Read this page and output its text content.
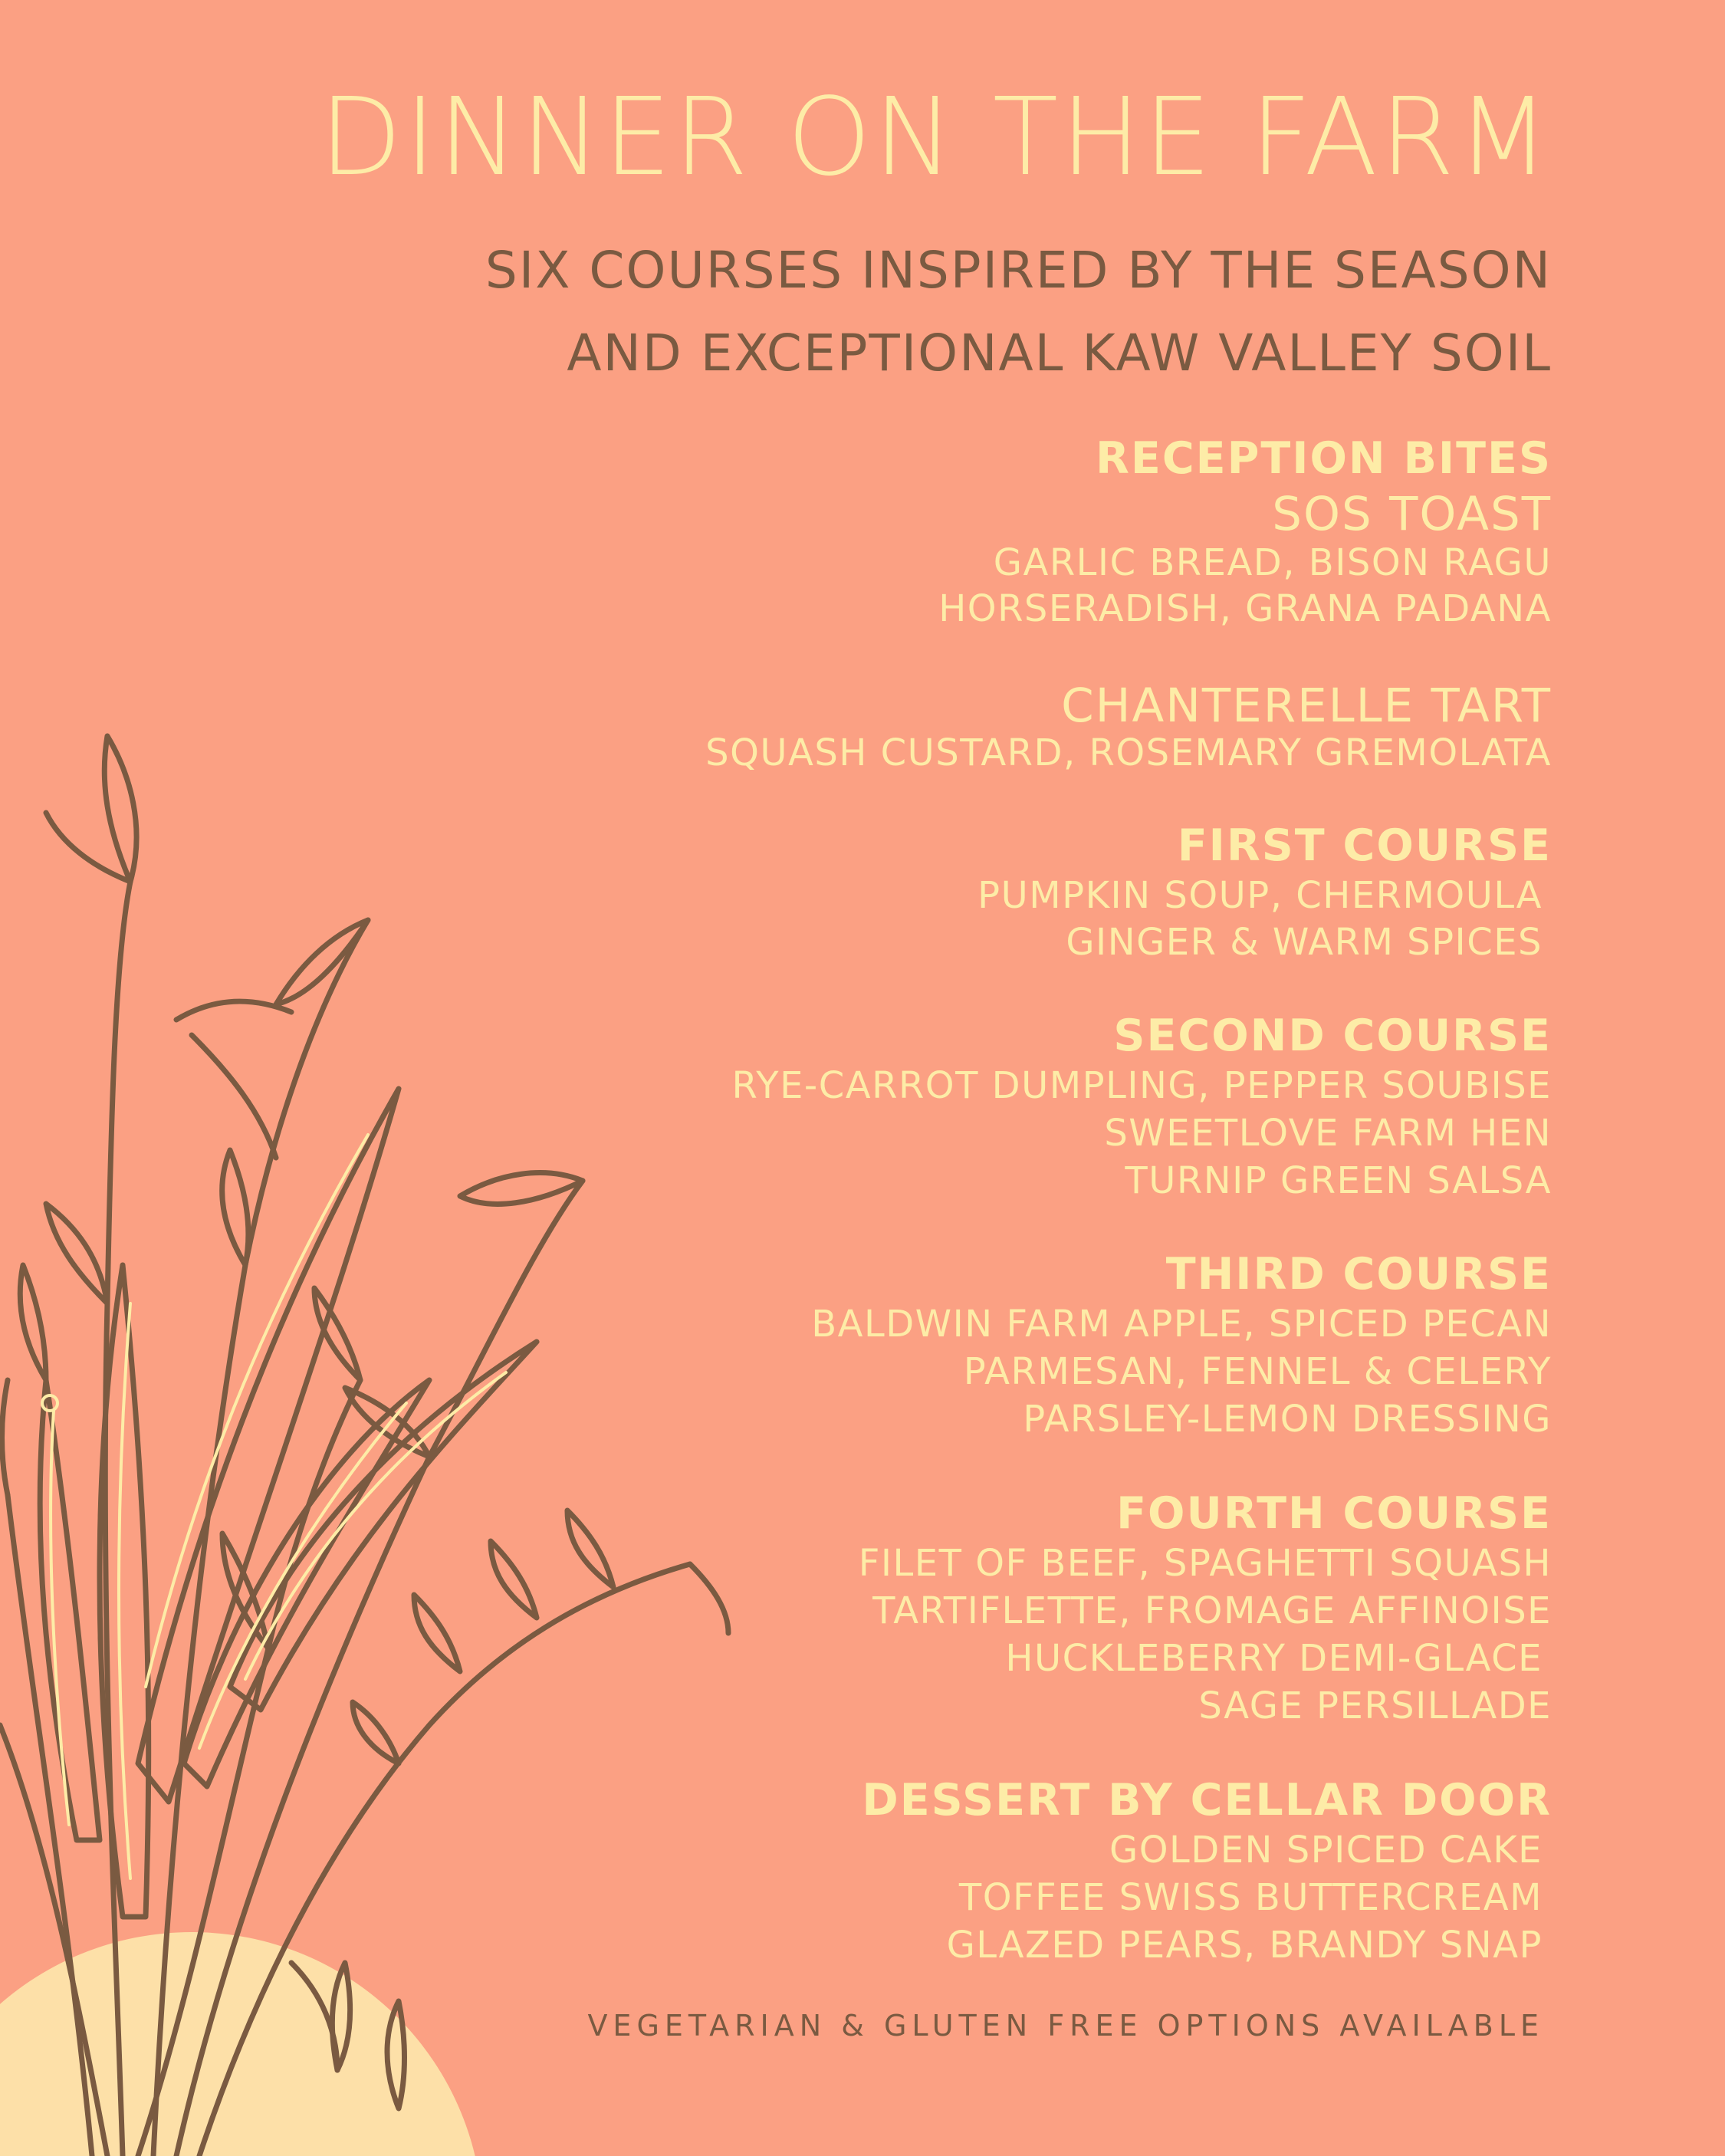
DINNER ON THE FARM
SIX COURSES INSPIRED BY THE SEASON
AND EXCEPTIONAL KAW VALLEY SOIL
RECEPTION BITES
SOS TOAST
GARLIC BREAD, BISON RAGU
HORSERADISH, GRANA PADANA
CHANTERELLE TART
SQUASH CUSTARD, ROSEMARY GREMOLATA
FIRST COURSE
PUMPKIN SOUP, CHERMOULA
GINGER & WARM SPICES
SECOND COURSE
RYE-CARROT DUMPLING, PEPPER SOUBISE
SWEETLOVE FARM HEN
TURNIP GREEN SALSA
THIRD COURSE
BALDWIN FARM APPLE, SPICED PECAN
PARMESAN, FENNEL & CELERY
PARSLEY-LEMON DRESSING
FOURTH COURSE
FILET OF BEEF, SPAGHETTI SQUASH
TARTIFLETTE, FROMAGE AFFINOISE
HUCKLEBERRY DEMI-GLACE
SAGE PERSILLADE
DESSERT BY CELLAR DOOR
GOLDEN SPICED CAKE
TOFFEE SWISS BUTTERCREAM
GLAZED PEARS, BRANDY SNAP
VEGETARIAN & GLUTEN FREE OPTIONS AVAILABLE
